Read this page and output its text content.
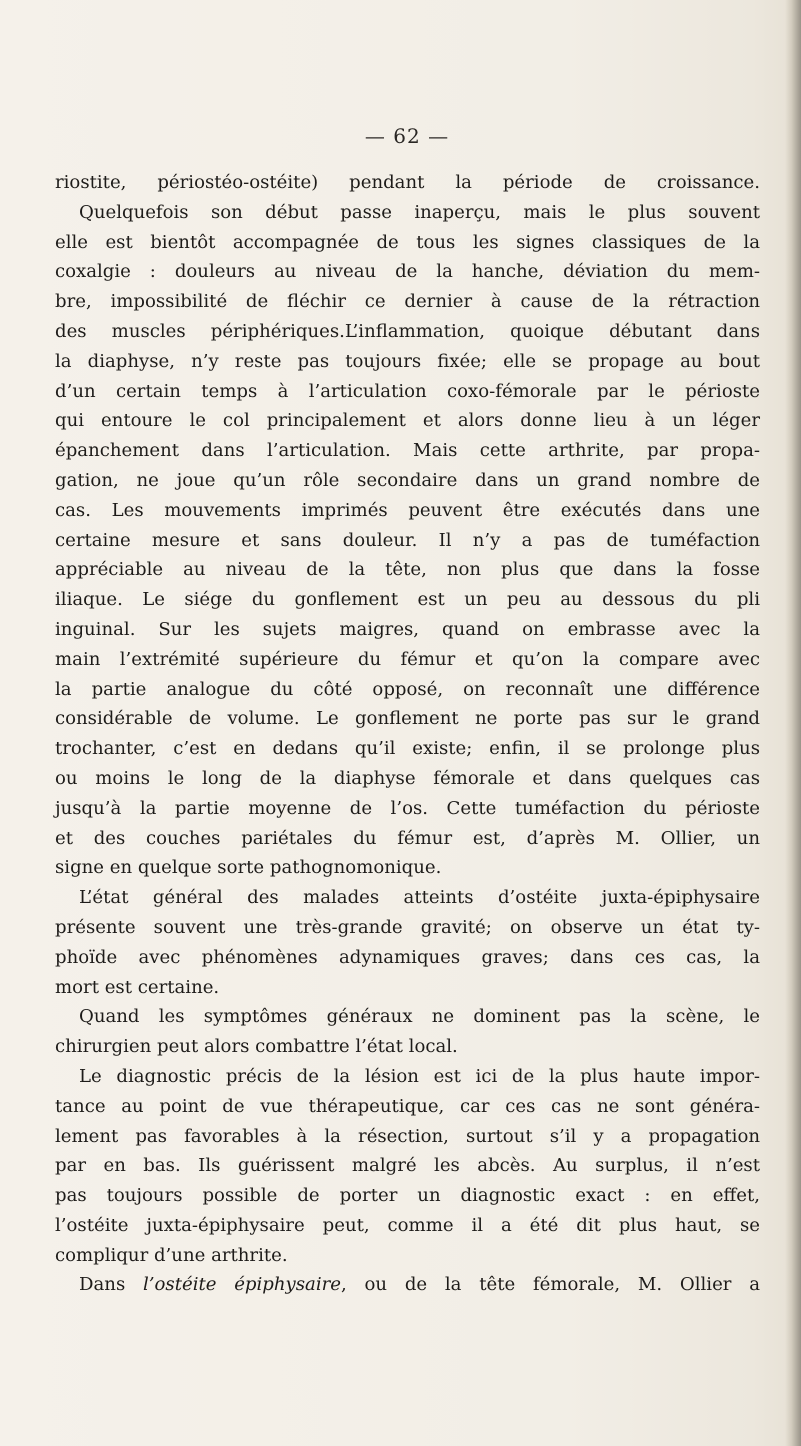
— 62 —
riostite, périostéo-ostéite) pendant la période de croissance.
Quelquefois son début passe inaperçu, mais le plus souvent
elle est bientôt accompagnée de tous les signes classiques de la
coxalgie : douleurs au niveau de la hanche, déviation du mem-
bre, impossibilité de fléchir ce dernier à cause de la rétraction
des muscles périphériques.L’inflammation, quoique débutant dans
la diaphyse, n’y reste pas toujours fixée; elle se propage au bout
d’un certain temps à l’articulation coxo-fémorale par le périoste
qui entoure le col principalement et alors donne lieu à un léger
épanchement dans l’articulation. Mais cette arthrite, par propa-
gation, ne joue qu’un rôle secondaire dans un grand nombre de
cas. Les mouvements imprimés peuvent être exécutés dans une
certaine mesure et sans douleur. Il n’y a pas de tuméfaction
appréciable au niveau de la tête, non plus que dans la fosse
iliaque. Le siége du gonflement est un peu au dessous du pli
inguinal. Sur les sujets maigres, quand on embrasse avec la
main l’extrémité supérieure du fémur et qu’on la compare avec
la partie analogue du côté opposé, on reconnaît une différence
considérable de volume. Le gonflement ne porte pas sur le grand
trochanter, c’est en dedans qu’il existe; enfin, il se prolonge plus
ou moins le long de la diaphyse fémorale et dans quelques cas
jusqu’à la partie moyenne de l’os. Cette tuméfaction du périoste
et des couches pariétales du fémur est, d’après M. Ollier, un
signe en quelque sorte pathognomonique.
L’état général des malades atteints d’ostéite juxta-épiphysaire
présente souvent une très-grande gravité; on observe un état ty-
phoïde avec phénomènes adynamiques graves; dans ces cas, la
mort est certaine.
Quand les symptômes généraux ne dominent pas la scène, le
chirurgien peut alors combattre l’état local.
Le diagnostic précis de la lésion est ici de la plus haute impor-
tance au point de vue thérapeutique, car ces cas ne sont généra-
lement pas favorables à la résection, surtout s’il y a propagation
par en bas. Ils guérissent malgré les abcès. Au surplus, il n’est
pas toujours possible de porter un diagnostic exact : en effet,
l’ostéite juxta-épiphysaire peut, comme il a été dit plus haut, se
compliqur d’une arthrite.
Dans l’ostéite épiphysaire, ou de la tête fémorale, M. Ollier a
